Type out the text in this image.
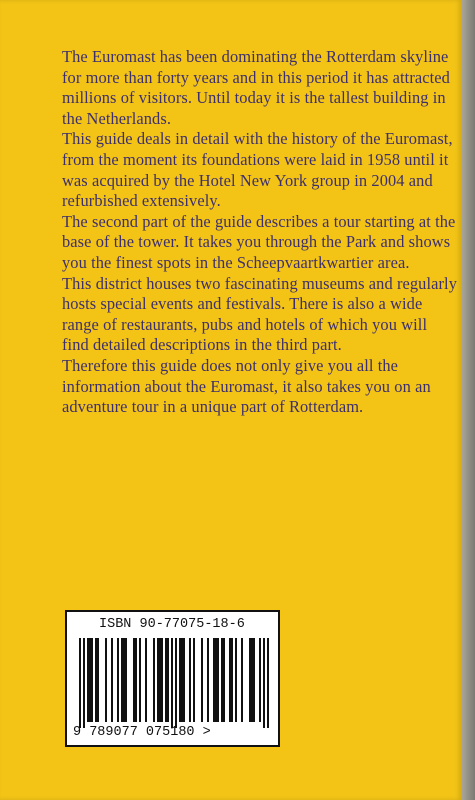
The Euromast has been dominating the Rotterdam skyline for more than forty years and in this period it has attracted millions of visitors. Until today it is the tallest building in the Netherlands.

This guide deals in detail with the history of the Euromast, from the moment its foundations were laid in 1958 until it was acquired by the Hotel New York group in 2004 and refurbished extensively.

The second part of the guide describes a tour starting at the base of the tower. It takes you through the Park and shows you the finest spots in the Scheepvaartkwartier area.

This district houses two fascinating museums and regularly hosts special events and festivals. There is also a wide range of restaurants, pubs and hotels of which you will find detailed descriptions in the third part.

Therefore this guide does not only give you all the information about the Euromast, it also takes you on an adventure tour in a unique part of Rotterdam.

ISBN 90-77075-18-6
9 789077 075180 >
